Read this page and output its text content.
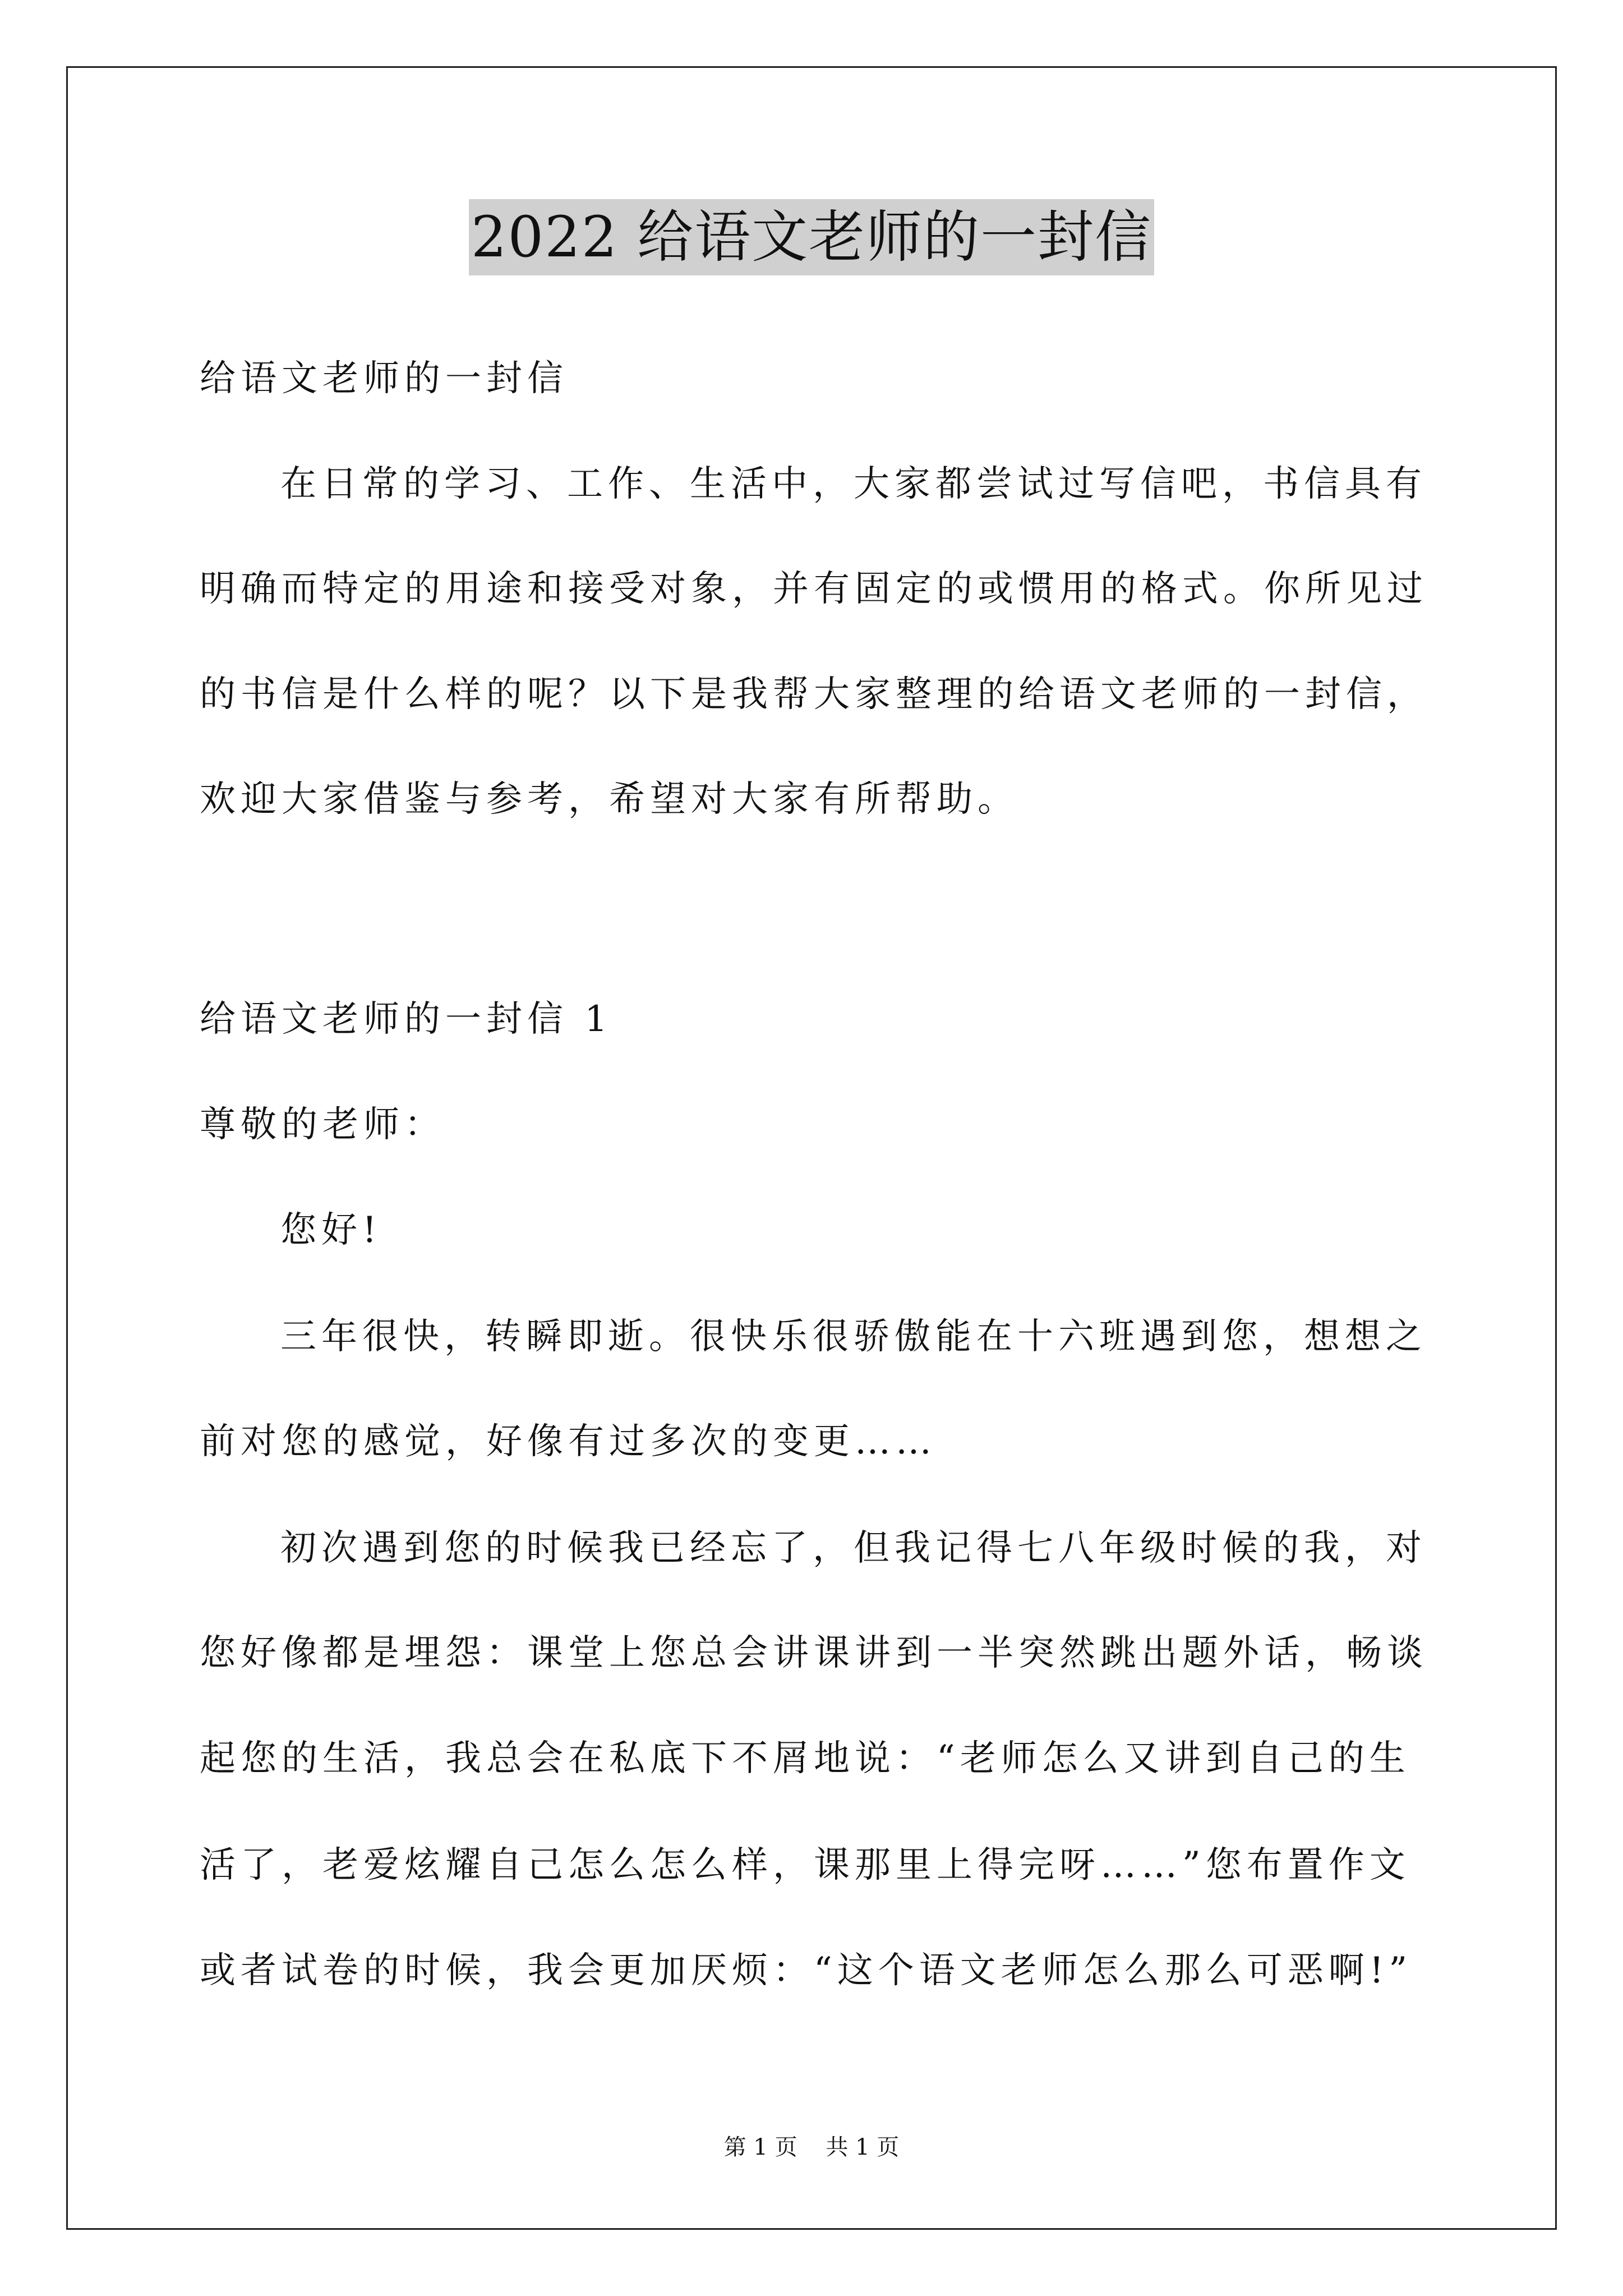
2022 给语文老师的一封信
给语文老师的一封信
在日常的学习、工作、生活中，大家都尝试过写信吧，书信具有
明确而特定的用途和接受对象，并有固定的或惯用的格式。你所见过
的书信是什么样的呢？以下是我帮大家整理的给语文老师的一封信，
欢迎大家借鉴与参考，希望对大家有所帮助。
给语文老师的一封信 1
尊敬的老师：
您好!
三年很快，转瞬即逝。很快乐很骄傲能在十六班遇到您，想想之
前对您的感觉，好像有过多次的变更……
初次遇到您的时候我已经忘了，但我记得七八年级时候的我，对
您好像都是埋怨：课堂上您总会讲课讲到一半突然跳出题外话，畅谈
起您的生活，我总会在私底下不屑地说：“老师怎么又讲到自己的生
活了，老爱炫耀自己怎么怎么样，课那里上得完呀……”您布置作文
或者试卷的时候，我会更加厌烦：“这个语文老师怎么那么可恶啊!”
第 1 页    共 1 页
